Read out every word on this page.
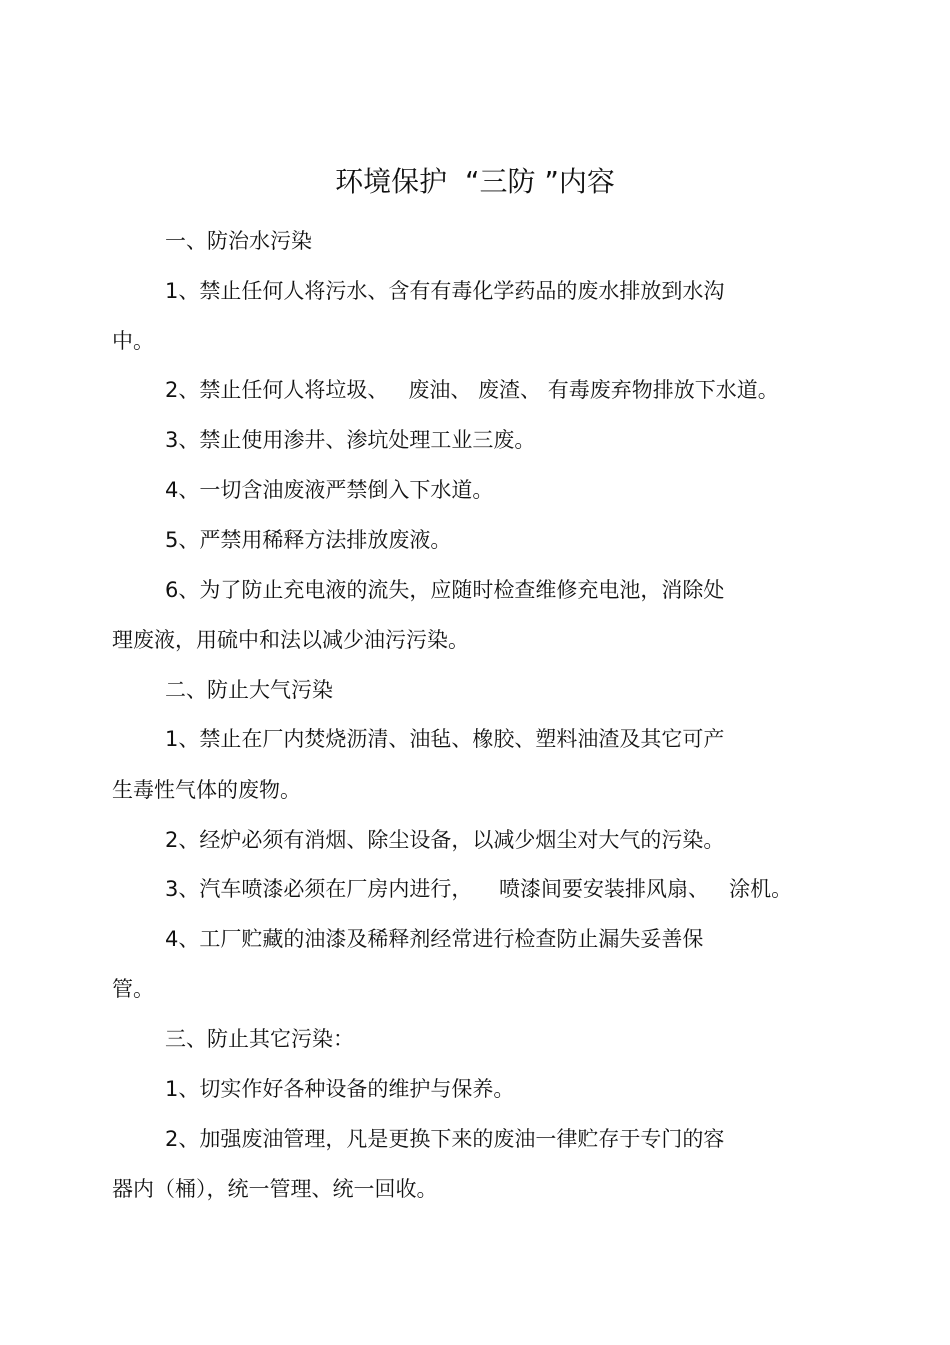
环境保护  “三防 ”内容
一、防治水污染
1、禁止任何人将污水、含有有毒化学药品的废水排放到水沟
中。
2、禁止任何人将垃圾、   废油、 废渣、 有毒废弃物排放下水道。
3、禁止使用渗井、渗坑处理工业三废。
4、一切含油废液严禁倒入下水道。
5、严禁用稀释方法排放废液。
6、为了防止充电液的流失，应随时检查维修充电池，消除处
理废液，用硫中和法以减少油污污染。
二、防止大气污染
1、禁止在厂内焚烧沥清、油毡、橡胶、塑料油渣及其它可产
生毒性气体的废物。
2、经炉必须有消烟、除尘设备，以减少烟尘对大气的污染。
3、汽车喷漆必须在厂房内进行，    喷漆间要安装排风扇、   涂机。
4、工厂贮藏的油漆及稀释剂经常进行检查防止漏失妥善保
管。
三、防止其它污染：
1、切实作好各种设备的维护与保养。
2、加强废油管理，凡是更换下来的废油一律贮存于专门的容
器内（桶），统一管理、统一回收。
